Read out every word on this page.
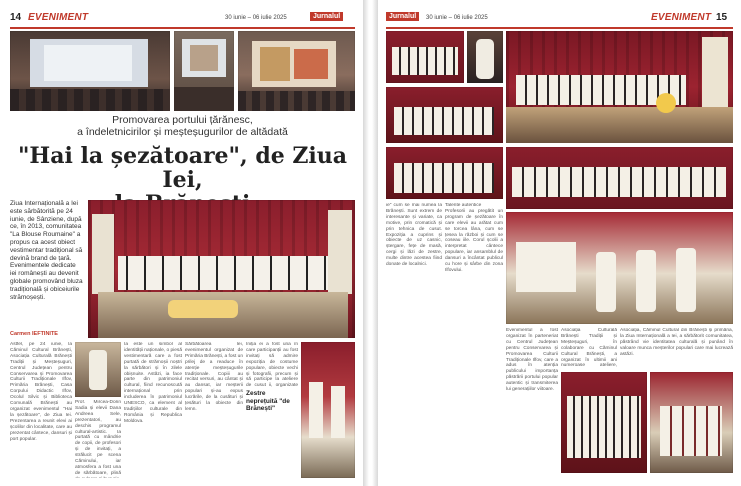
14 EVENIMENT	30 iunie – 06 iulie 2025	Jurnalul
Promovarea portului țărănesc,
a îndeletnicirilor și meșteșugurilor de altădată
"Hai la șezătoare", de Ziua Iei,

Ziua Internațională a Iei este sărbătorită pe 24 iunie, de Sânziene, după ce, în 2013, comunitatea "La Blouse Roumaine" a propus ca acest obiect vestimentar tradițional să devină brand de țară. Evenimentele dedicate iei românești au devenit globale promovând bluza tradițională și obiceiurile strămoșești.
Carmen IEFTINITE
Astfel, pe 24 iunie, la Căminul Cultural Brănești, Asociația Culturală Brănești Tradiții și Meșteșuguri, Centrul Județean pentru Conservarea și Promovarea Culturii Tradiționale Ilfov, Primăria Brănești, Casa Corpului Didactic Ilfov, Ocolul Silvic și Biblioteca Comunală Brănești au organizat evenimentul "Hai la șezătoare", de Ziua Iei. Prezentarea a reunit elevi ai școlilor din localitate, care au prezentat cântece, dansuri și port popular.
Prof. Mircea-Dorin Sadia și elevii Dana Andreea Sele, prezentatori, au deschis programul cultural-artistic. Ia purtată cu mândrie de copii, de profesori și de invitați, a strălucit pe scena Căminului, iar atmosfera a fost una de sărbătoare, plină
Ia este un simbol al identității naționale, o piesă vestimentară care a fost purtată de strămoșii noștri la sărbători și în zilele obișnuite. Astăzi, ia face parte din patrimoniul cultural, fiind recunoscută internațional prin includerea în patrimoniul UNESCO, ca element al tradițiilor culturale din România și Republica Moldova.
Sărbătoarea Iei, evenimentul organizat de Primăria Brănești, a fost un prilej de a readuce în atenție meșteșugurile tradiționale. Copiii au recitat versuri, au cântat și au dansat, iar meșterii populari și-au expus lucrările, de la cusături și țesături la obiecte din lemn.
Iniția ei a fost una în care participanții au fost invitați să admire expoziția de costume populare, obiecte vechi și fotografii, precum și să participe la ateliere de cusut ii, organizate
Zestre neprețuită "de Brănești"
Jurnalul	30 iunie – 06 iulie 2025	EVENIMENT 15
ie" cum se mai numea la Brănești. Sunt extrem de interesante și variate, ca motive, prin cromatică și prin tehnica de cusut. Expoziția a cuprins și obiecte de uz casnic, ștergare, fețe de masă, cergi și lăzi de zestre, multe dintre acestea fiind donate de localnici.
Talente autentice
Profesorii au pregătit un program de șezătoare în care elevii au arătat cum se torcea lâna, cum se țesea la război și cum se coseau iile. Corul școlii a interpretat cântece populare, iar ansamblul de dansuri a încântat publicul cu hore și sârbe din zona Ilfovului.
Evenimentul a fost organizat în parteneriat cu Centrul Județean pentru Conservarea și Promovarea Culturii Tradiționale Ilfov, care a adus în atenția publicului importanța păstrării portului popular autentic și transmiterea lui generațiilor viitoare.
Asociația Culturală Brănești Tradiții și Meșteșuguri, în colaborare cu Căminul Cultural Brănești, a organizat în ultimii ani numeroase ateliere,
Asociația, Căminul Cultural din Brănești și primăria, la Ziua Internațională a Iei, a sărbătorit comunitatea, păstrând vie identitatea culturală și punând în valoare munca meșterilor populari care mai lucrează astăzi.
